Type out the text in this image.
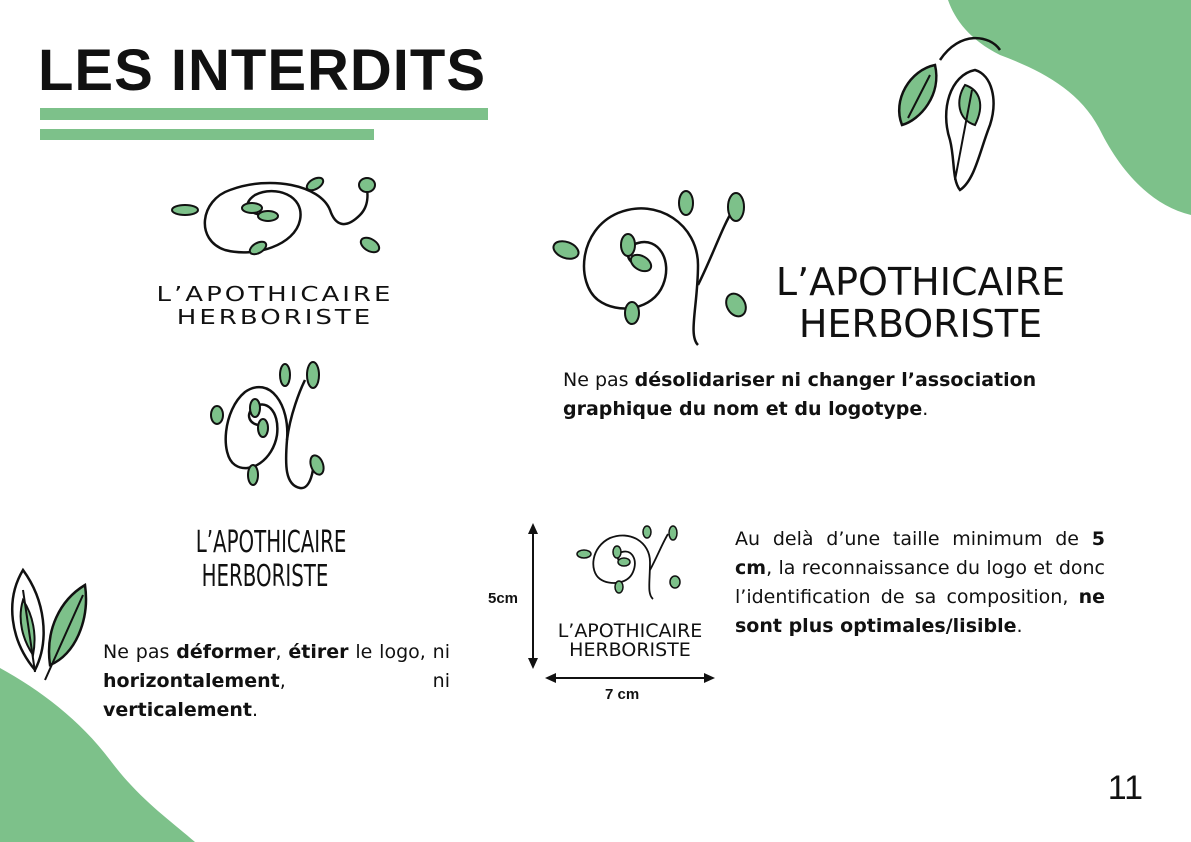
LES INTERDITS
L’APOTHICAIRE
HERBORISTE
L’APOTHICAIRE
HERBORISTE
L’APOTHICAIRE
HERBORISTE
Ne pas désolidariser ni changer l’association graphique du nom et du logotype.
Ne pas déformer, étirer le logo, ni horizontalement, ni verticalement.
L’APOTHICAIRE
HERBORISTE
5cm
7 cm
Au delà d’une taille minimum de 5 cm, la reconnaissance du logo et donc l’identification de sa composition, ne sont plus optimales/lisible.
11
